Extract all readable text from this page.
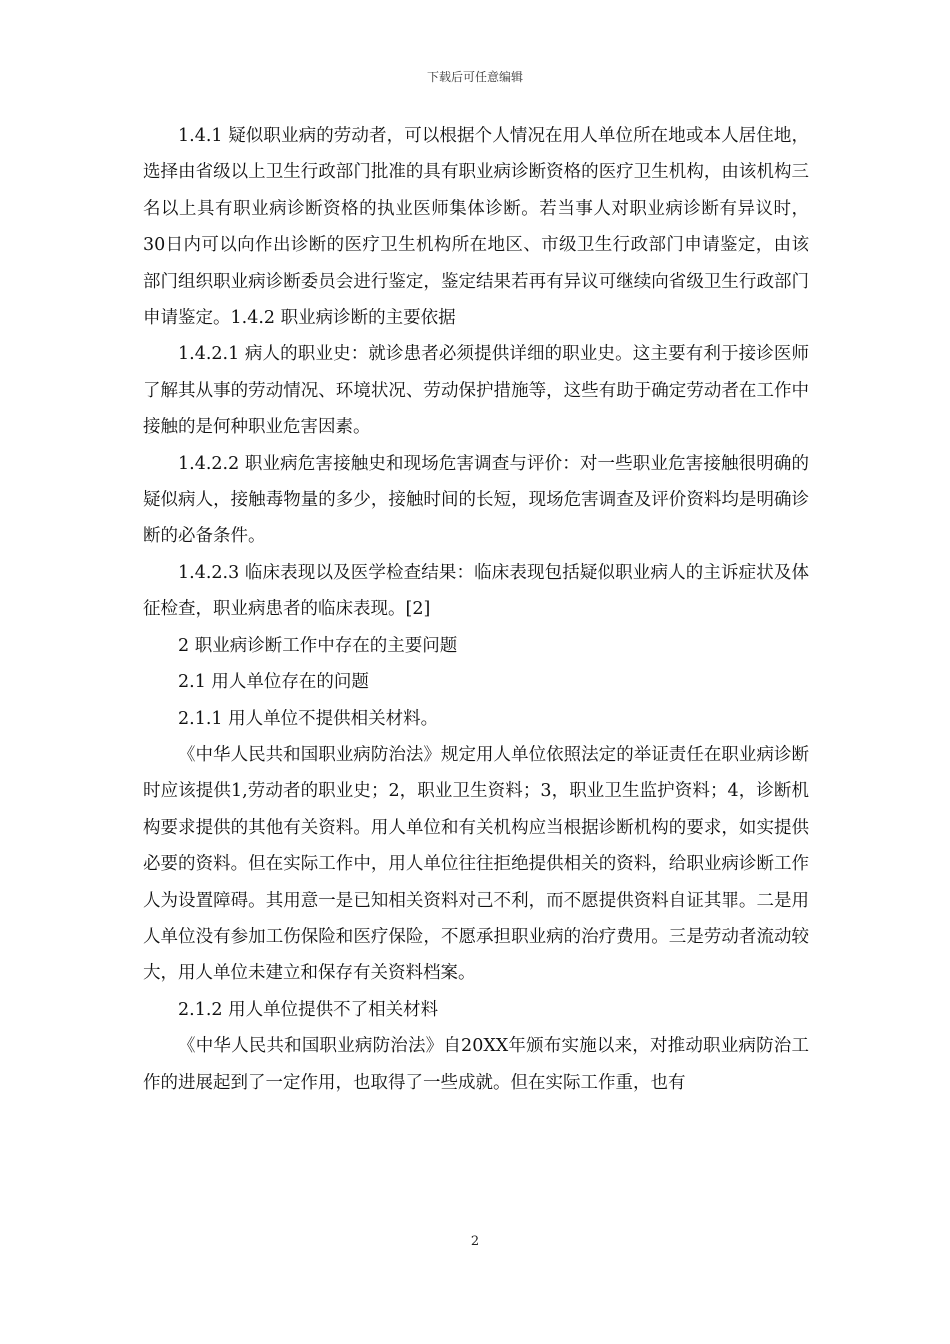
下载后可任意编辑

1.4.1 疑似职业病的劳动者，可以根据个人情况在用人单位所在地或本人居住地，选择由省级以上卫生行政部门批准的具有职业病诊断资格的医疗卫生机构，由该机构三名以上具有职业病诊断资格的执业医师集体诊断。若当事人对职业病诊断有异议时，30日内可以向作出诊断的医疗卫生机构所在地区、市级卫生行政部门申请鉴定，由该部门组织职业病诊断委员会进行鉴定，鉴定结果若再有异议可继续向省级卫生行政部门申请鉴定。1.4.2 职业病诊断的主要依据

1.4.2.1 病人的职业史：就诊患者必须提供详细的职业史。这主要有利于接诊医师了解其从事的劳动情况、环境状况、劳动保护措施等，这些有助于确定劳动者在工作中接触的是何种职业危害因素。

1.4.2.2 职业病危害接触史和现场危害调查与评价：对一些职业危害接触很明确的疑似病人，接触毒物量的多少，接触时间的长短，现场危害调查及评价资料均是明确诊断的必备条件。

1.4.2.3 临床表现以及医学检查结果：临床表现包括疑似职业病人的主诉症状及体征检查，职业病患者的临床表现。[2]

2 职业病诊断工作中存在的主要问题

2.1 用人单位存在的问题

2.1.1 用人单位不提供相关材料。

《中华人民共和国职业病防治法》规定用人单位依照法定的举证责任在职业病诊断时应该提供1,劳动者的职业史；2，职业卫生资料；3，职业卫生监护资料；4，诊断机构要求提供的其他有关资料。用人单位和有关机构应当根据诊断机构的要求，如实提供必要的资料。但在实际工作中，用人单位往往拒绝提供相关的资料，给职业病诊断工作人为设置障碍。其用意一是已知相关资料对己不利，而不愿提供资料自证其罪。二是用人单位没有参加工伤保险和医疗保险，不愿承担职业病的治疗费用。三是劳动者流动较大，用人单位未建立和保存有关资料档案。

2.1.2 用人单位提供不了相关材料

《中华人民共和国职业病防治法》自20XX年颁布实施以来，对推动职业病防治工作的进展起到了一定作用，也取得了一些成就。但在实际工作重，也有

2
